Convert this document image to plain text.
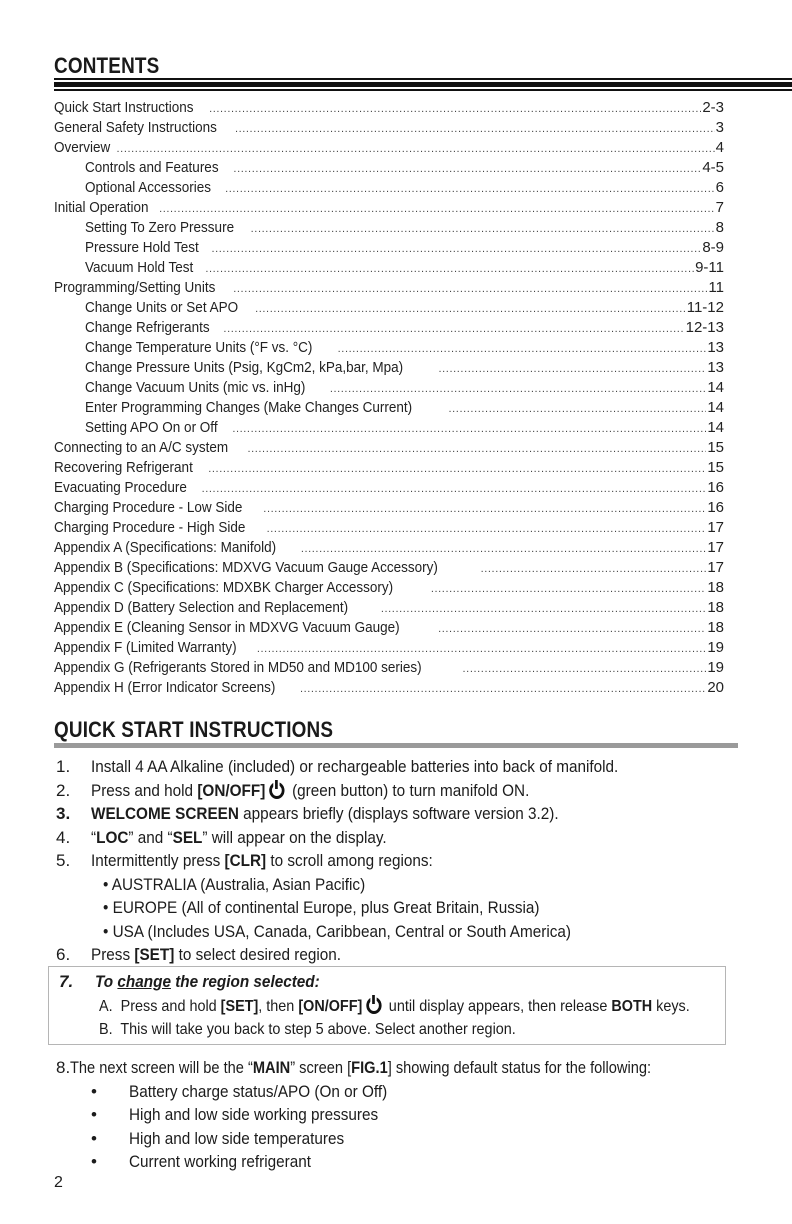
CONTENTS
Quick Start Instructions .....	2-3
General Safety Instructions .....	3
Overview .....	4
Controls and Features .....	4-5
Optional Accessories .....	6
Initial Operation .....	7
Setting To Zero Pressure .....	8
Pressure Hold Test .....	8-9
Vacuum Hold Test .....	9-11
Programming/Setting Units .....	11
Change Units or Set APO .....	11-12
Change Refrigerants .....	12-13
Change Temperature Units (°F vs. °C) .....	13
Change Pressure Units (Psig, KgCm2, kPa,bar, Mpa) .....	13
Change Vacuum Units (mic vs. inHg) .....	14
Enter Programming Changes (Make Changes Current) .....	14
Setting APO On or Off .....	14
Connecting to an A/C system .....	15
Recovering Refrigerant .....	15
Evacuating Procedure .....	16
Charging Procedure - Low Side .....	16
Charging Procedure - High Side .....	17
Appendix A (Specifications: Manifold) .....	17
Appendix B (Specifications: MDXVG Vacuum Gauge Accessory) .....	17
Appendix C (Specifications: MDXBK Charger Accessory) .....	18
Appendix D (Battery Selection and Replacement) .....	18
Appendix E (Cleaning Sensor in MDXVG Vacuum Gauge) .....	18
Appendix F (Limited Warranty) .....	19
Appendix G (Refrigerants Stored in MD50 and MD100 series) .....	19
Appendix H (Error Indicator Screens) .....	20
QUICK START INSTRUCTIONS
1.	Install 4 AA Alkaline (included) or rechargeable batteries into back of manifold.
2.	Press and hold [ON/OFF] (green button) to turn manifold ON.
3.	WELCOME SCREEN appears briefly (displays software version 3.2).
4.	“LOC” and “SEL” will appear on the display.
5.	Intermittently press [CLR] to scroll among regions:
• AUSTRALIA (Australia, Asian Pacific)
• EUROPE (All of continental Europe, plus Great Britain, Russia)
• USA (Includes USA, Canada, Caribbean, Central or South America)
6.	Press [SET] to select desired region.
7. To change the region selected:
A. Press and hold [SET], then [ON/OFF] until display appears, then release BOTH keys.
B. This will take you back to step 5 above. Select another region.
8. The next screen will be the “MAIN” screen [FIG.1] showing default status for the following:
•	Battery charge status/APO (On or Off)
•	High and low side working pressures
•	High and low side temperatures
•	Current working refrigerant
2
